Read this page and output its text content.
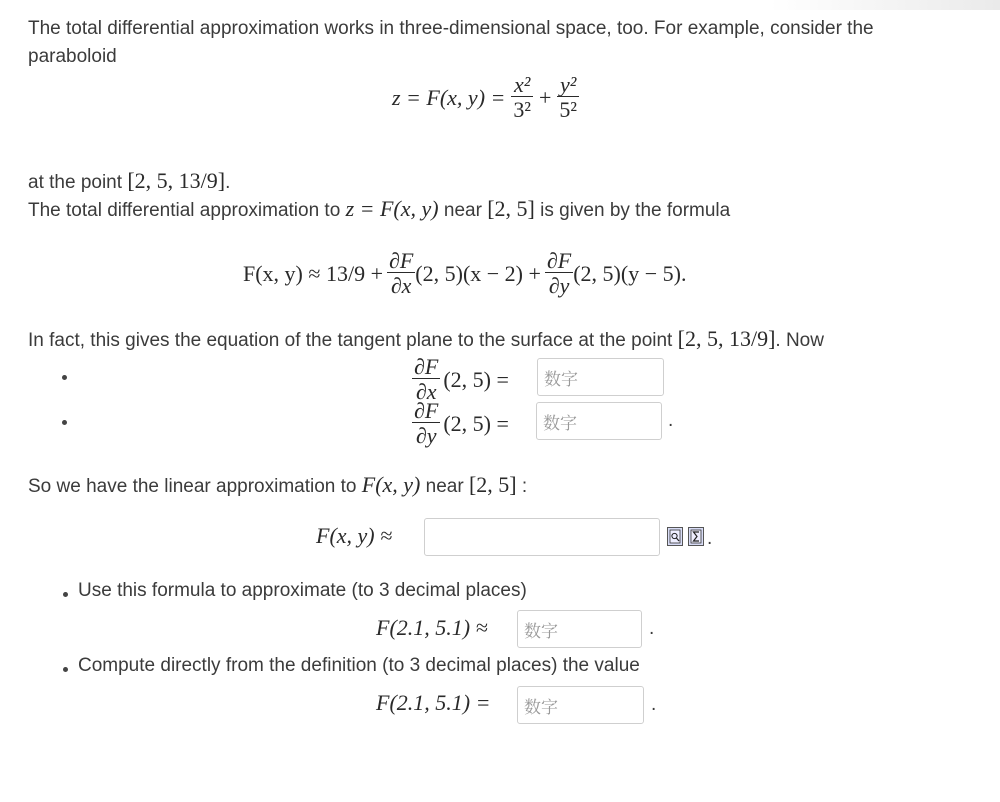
The total differential approximation works in three-dimensional space, too. For example, consider the
paraboloid
z = F(x, $y) = \frac{\text{x²}}{\text{3²}} + \frac{\text{y²}}{\text{5²}}$
at the point [2, 5, 13/9].
The total differential approximation to z = F(x, y) near [2, 5] is given by the formula
F(x, $y) \approx 13/9 + \frac{\partial F}{\partial x} (2$, $5)(x - 2) + \frac{\partial F}{\partial y} (2$, 5)(y − 5).
In fact, this gives the equation of the tangent plane to the surface at the point [2, 5, 13/9]. Now
$\frac{\partial F}{\partial x} (2$, 5) = 数字
$\frac{\partial F}{\partial y} (2$, 5) = 数字	.
So we have the linear approximation to F(x, y) near [2, 5] :
F(x, y) ≈	.
Use this formula to approximate (to 3 decimal places)
F(2.1, 5.1) ≈ 数字	.
Compute directly from the definition (to 3 decimal places) the value
F(2.1, 5.1) = 数字	.
